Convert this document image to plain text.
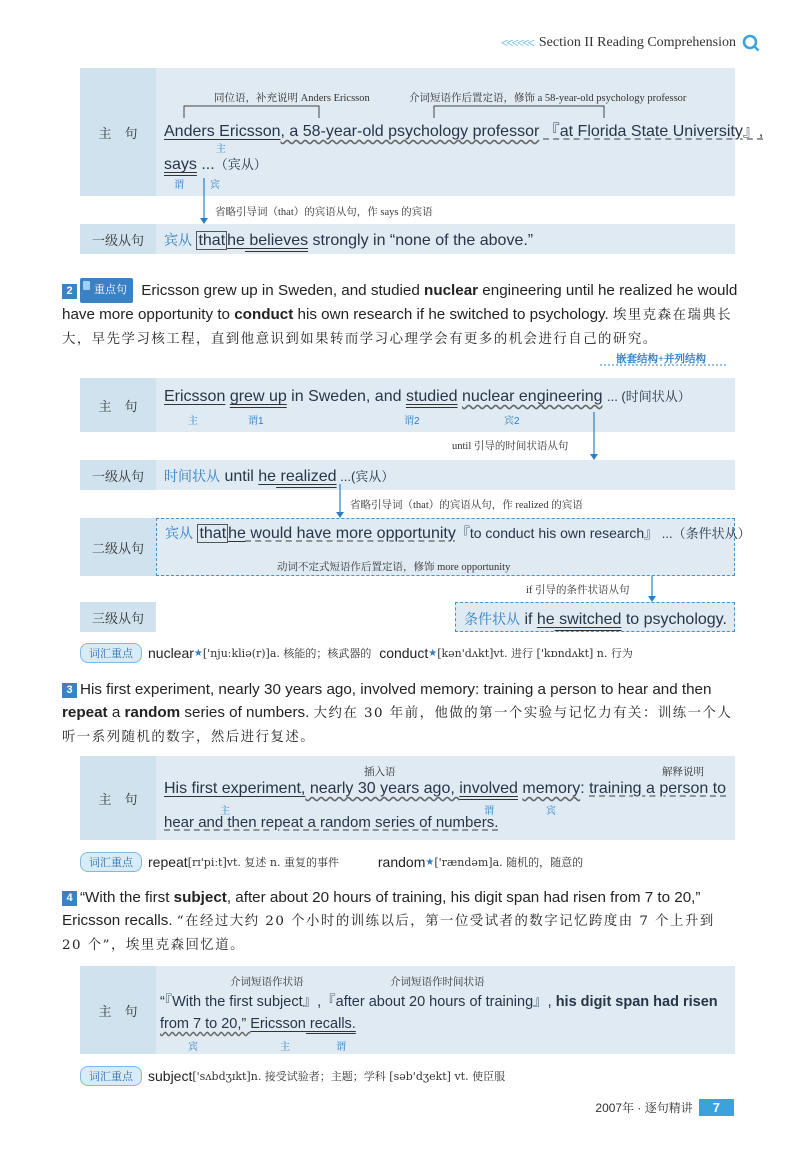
<<<<<< Section II Reading Comprehension
主　句
同位语，补充说明 Anders Ericsson	介词短语作后置定语，修饰 a 58-year-old psychology professor
Anders Ericsson, a 58-year-old psychology professor 『at Florida State University』,
主
says ...（宾从）
谓	宾
省略引导词（that）的宾语从句，作 says 的宾语
一级从句	宾从 that he believes strongly in “none of the above.”
2 重点句 Ericsson grew up in Sweden, and studied nuclear engineering until he realized he would have more opportunity to conduct his own research if he switched to psychology. 埃里克森在瑞典长大，早先学习核工程，直到他意识到如果转而学习心理学会有更多的机会进行自己的研究。
嵌套结构+并列结构
主　句
Ericsson grew up in Sweden, and studied nuclear engineering ... (时间状从）
主	谓1	谓2	宾2
until 引导的时间状语从句
一级从句	时间状从 until he realized ...(宾从）
省略引导词（that）的宾语从句，作 realized 的宾语
二级从句
宾从 that he would have more opportunity『to conduct his own research』 ...（条件状从）
动词不定式短语作后置定语，修饰 more opportunity
if 引导的条件状语从句
三级从句	条件状从 if he switched to psychology.
词汇重点	nuclear ★ ['njuːkliə(r)] a. 核能的；核武器的
conduct ★ [kən'dʌkt] vt. 进行 ['kɒndʌkt] n. 行为
3 His first experiment, nearly 30 years ago, involved memory: training a person to hear and then repeat a random series of numbers. 大约在 30 年前，他做的第一个实验与记忆力有关：训练一个人听一系列随机的数字，然后进行复述。
主　句
插入语	解释说明
His first experiment, nearly 30 years ago, involved memory: training a person to
主	谓	宾
hear and then repeat a random series of numbers.
词汇重点	repeat [rɪ'piːt] vt. 复述 n. 重复的事件
	random ★ ['rændəm] a. 随机的，随意的
4 “With the first subject, after about 20 hours of training, his digit span had risen from 7 to 20,” Ericsson recalls. “在经过大约 20 个小时的训练以后，第一位受试者的数字记忆跨度由 7 个上升到 20 个”，埃里克森回忆道。
主　句
介词短语作状语	介词短语作时间状语
“『With the first subject』,『after about 20 hours of training』, his digit span had risen
from 7 to 20,” Ericsson recalls.
宾	主	谓
词汇重点	subject ['sʌbdʒɪkt] n. 接受试验者；主题；学科 [səb'dʒekt] vt. 使臣服
2007年 · 逐句精讲	7
